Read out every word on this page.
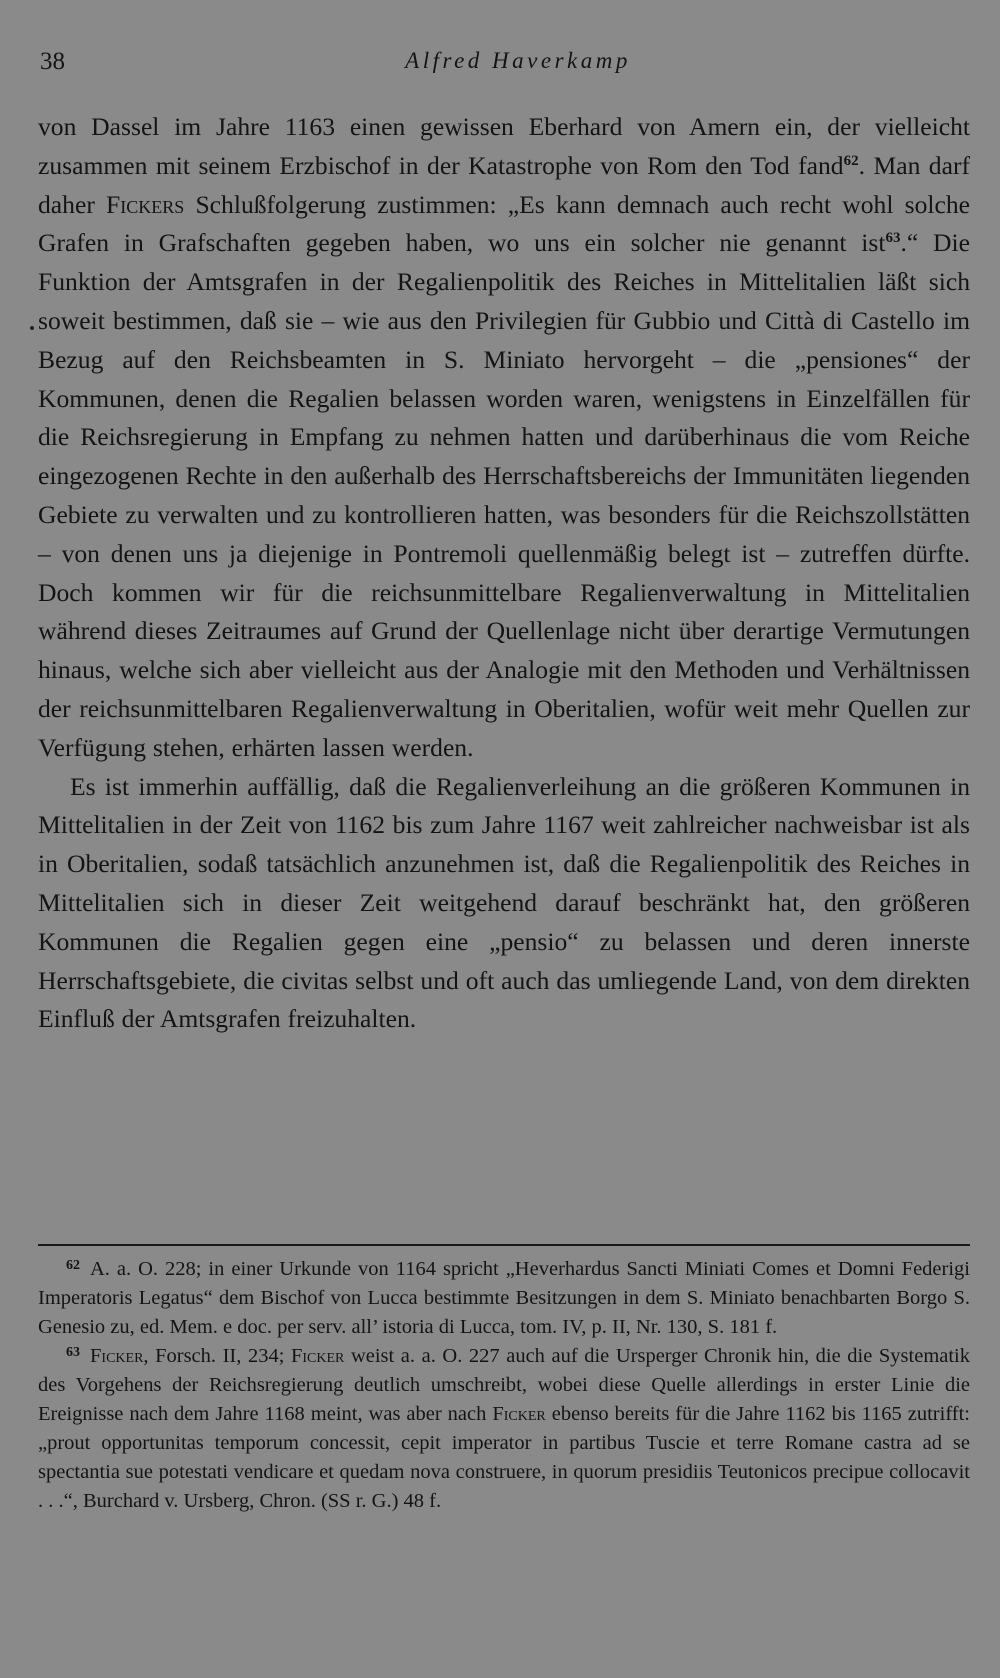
38	Alfred Haverkamp

von Dassel im Jahre 1163 einen gewissen Eberhard von Amern ein, der vielleicht zusammen mit seinem Erzbischof in der Katastrophe von Rom den Tod fand$^{62}$. Man darf daher Fickers Schlußfolgerung zustimmen: „Es kann demnach auch recht wohl solche Grafen in Grafschaften gegeben haben, wo uns ein solcher nie genannt ist$^{63}$.“ Die Funktion der Amtsgrafen in der Regalienpolitik des Reiches in Mittelitalien läßt sich soweit bestimmen, daß sie – wie aus den Privilegien für Gubbio und Città di Castello im Bezug auf den Reichsbeamten in S. Miniato hervorgeht – die „pensiones“ der Kommunen, denen die Regalien belassen worden waren, wenigstens in Einzelfällen für die Reichsregierung in Empfang zu nehmen hatten und darüberhinaus die vom Reiche eingezogenen Rechte in den außerhalb des Herrschaftsbereichs der Immunitäten liegenden Gebiete zu verwalten und zu kontrollieren hatten, was besonders für die Reichszollstätten – von denen uns ja diejenige in Pontremoli quellenmäßig belegt ist – zutreffen dürfte. Doch kommen wir für die reichsunmittelbare Regalienverwaltung in Mittelitalien während dieses Zeitraumes auf Grund der Quellenlage nicht über derartige Vermutungen hinaus, welche sich aber vielleicht aus der Analogie mit den Methoden und Verhältnissen der reichsunmittelbaren Regalienverwaltung in Oberitalien, wofür weit mehr Quellen zur Verfügung stehen, erhärten lassen werden.

Es ist immerhin auffällig, daß die Regalienverleihung an die größeren Kommunen in Mittelitalien in der Zeit von 1162 bis zum Jahre 1167 weit zahlreicher nachweisbar ist als in Oberitalien, sodaß tatsächlich anzunehmen ist, daß die Regalienpolitik des Reiches in Mittelitalien sich in dieser Zeit weitgehend darauf beschränkt hat, den größeren Kommunen die Regalien gegen eine „pensio“ zu belassen und deren innerste Herrschaftsgebiete, die civitas selbst und oft auch das umliegende Land, von dem direkten Einfluß der Amtsgrafen freizuhalten.

$^{62}$ A. a. O. 228; in einer Urkunde von 1164 spricht „Heverhardus Sancti Miniati Comes et Domni Federigi Imperatoris Legatus“ dem Bischof von Lucca bestimmte Besitzungen in dem S. Miniato benachbarten Borgo S. Genesio zu, ed. Mem. e doc. per serv. all’ istoria di Lucca, tom. IV, p. II, Nr. 130, S. 181 f.

$^{63}$ Ficker, Forsch. II, 234; Ficker weist a. a. O. 227 auch auf die Ursperger Chronik hin, die die Systematik des Vorgehens der Reichsregierung deutlich umschreibt, wobei diese Quelle allerdings in erster Linie die Ereignisse nach dem Jahre 1168 meint, was aber nach Ficker ebenso bereits für die Jahre 1162 bis 1165 zutrifft: „prout opportunitas temporum concessit, cepit imperator in partibus Tuscie et terre Romane castra ad se spectantia sue potestati vendicare et quedam nova construere, in quorum presidiis Teutonicos precipue collocavit . . .“, Burchard v. Ursberg, Chron. (SS r. G.) 48 f.
